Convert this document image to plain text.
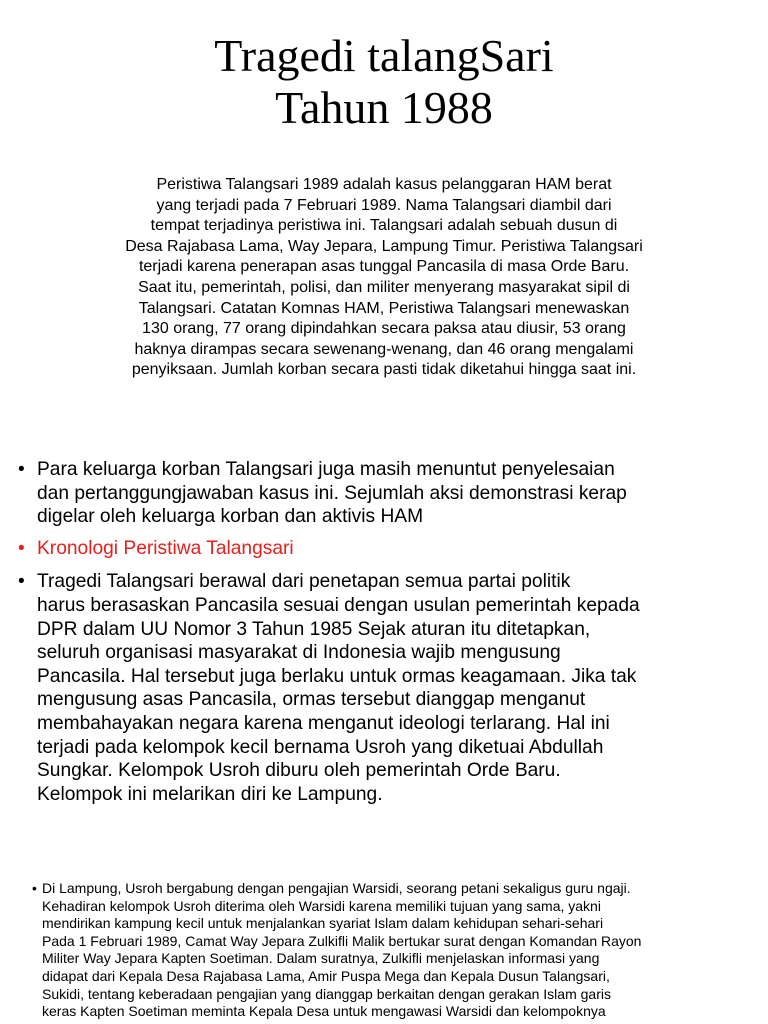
Tragedi talangSari
Tahun 1988

Peristiwa Talangsari 1989 adalah kasus pelanggaran HAM berat
yang terjadi pada 7 Februari 1989. Nama Talangsari diambil dari
tempat terjadinya peristiwa ini. Talangsari adalah sebuah dusun di
Desa Rajabasa Lama, Way Jepara, Lampung Timur. Peristiwa Talangsari
terjadi karena penerapan asas tunggal Pancasila di masa Orde Baru.
Saat itu, pemerintah, polisi, dan militer menyerang masyarakat sipil di
Talangsari. Catatan Komnas HAM, Peristiwa Talangsari menewaskan
130 orang, 77 orang dipindahkan secara paksa atau diusir, 53 orang
haknya dirampas secara sewenang-wenang, dan 46 orang mengalami
penyiksaan. Jumlah korban secara pasti tidak diketahui hingga saat ini.

• Para keluarga korban Talangsari juga masih menuntut penyelesaian
dan pertanggungjawaban kasus ini. Sejumlah aksi demonstrasi kerap
digelar oleh keluarga korban dan aktivis HAM
• Kronologi Peristiwa Talangsari
• Tragedi Talangsari berawal dari penetapan semua partai politik
harus berasaskan Pancasila sesuai dengan usulan pemerintah kepada
DPR dalam UU Nomor 3 Tahun 1985 Sejak aturan itu ditetapkan,
seluruh organisasi masyarakat di Indonesia wajib mengusung
Pancasila. Hal tersebut juga berlaku untuk ormas keagamaan. Jika tak
mengusung asas Pancasila, ormas tersebut dianggap menganut
membahayakan negara karena menganut ideologi terlarang. Hal ini
terjadi pada kelompok kecil bernama Usroh yang diketuai Abdullah
Sungkar. Kelompok Usroh diburu oleh pemerintah Orde Baru.
Kelompok ini melarikan diri ke Lampung.
• Di Lampung, Usroh bergabung dengan pengajian Warsidi, seorang petani sekaligus guru ngaji.
Kehadiran kelompok Usroh diterima oleh Warsidi karena memiliki tujuan yang sama, yakni
mendirikan kampung kecil untuk menjalankan syariat Islam dalam kehidupan sehari-sehari
Pada 1 Februari 1989, Camat Way Jepara Zulkifli Malik bertukar surat dengan Komandan Rayon
Militer Way Jepara Kapten Soetiman. Dalam suratnya, Zulkifli menjelaskan informasi yang
didapat dari Kepala Desa Rajabasa Lama, Amir Puspa Mega dan Kepala Dusun Talangsari,
Sukidi, tentang keberadaan pengajian yang dianggap berkaitan dengan gerakan Islam garis
keras Kapten Soetiman meminta Kepala Desa untuk mengawasi Warsidi dan kelompoknya
